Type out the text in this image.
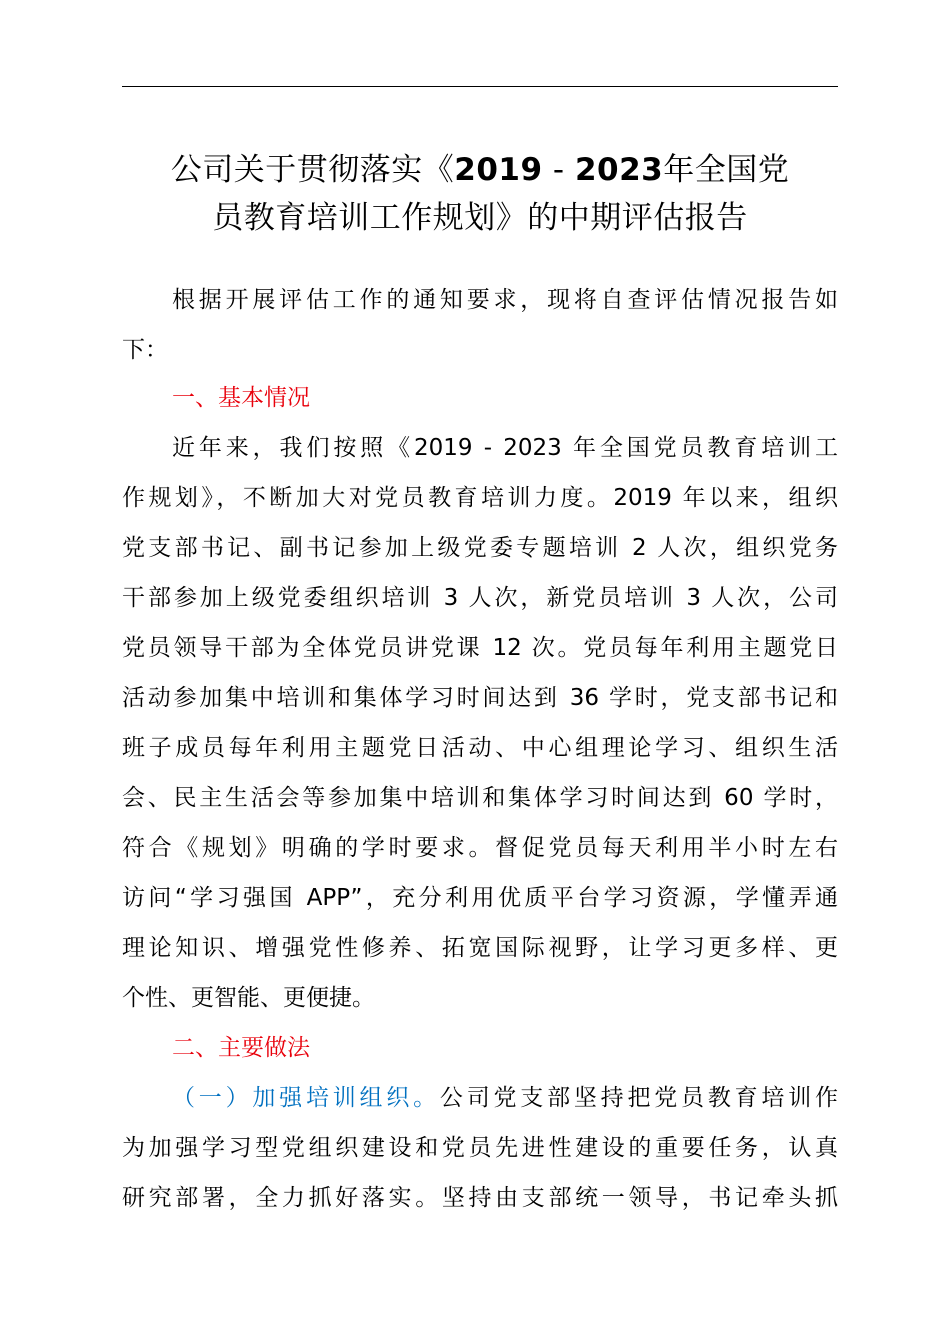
公司关于贯彻落实《2019 - 2023年全国党
员教育培训工作规划》的中期评估报告

根据开展评估工作的通知要求，现将自查评估情况报告如

下：

一、基本情况

近年来，我们按照《2019 - 2023 年全国党员教育培训工

作规划》，不断加大对党员教育培训力度。2019 年以来，组织

党支部书记、副书记参加上级党委专题培训 2 人次，组织党务

干部参加上级党委组织培训 3 人次，新党员培训 3 人次，公司

党员领导干部为全体党员讲党课 12 次。党员每年利用主题党日

活动参加集中培训和集体学习时间达到 36 学时，党支部书记和

班子成员每年利用主题党日活动、中心组理论学习、组织生活

会、民主生活会等参加集中培训和集体学习时间达到 60 学时，

符合《规划》明确的学时要求。督促党员每天利用半小时左右

访问“学习强国 APP”，充分利用优质平台学习资源，学懂弄通

理论知识、增强党性修养、拓宽国际视野，让学习更多样、更

个性、更智能、更便捷。

二、主要做法

（一）加强培训组织。公司党支部坚持把党员教育培训作

为加强学习型党组织建设和党员先进性建设的重要任务，认真

研究部署，全力抓好落实。坚持由支部统一领导，书记牵头抓
